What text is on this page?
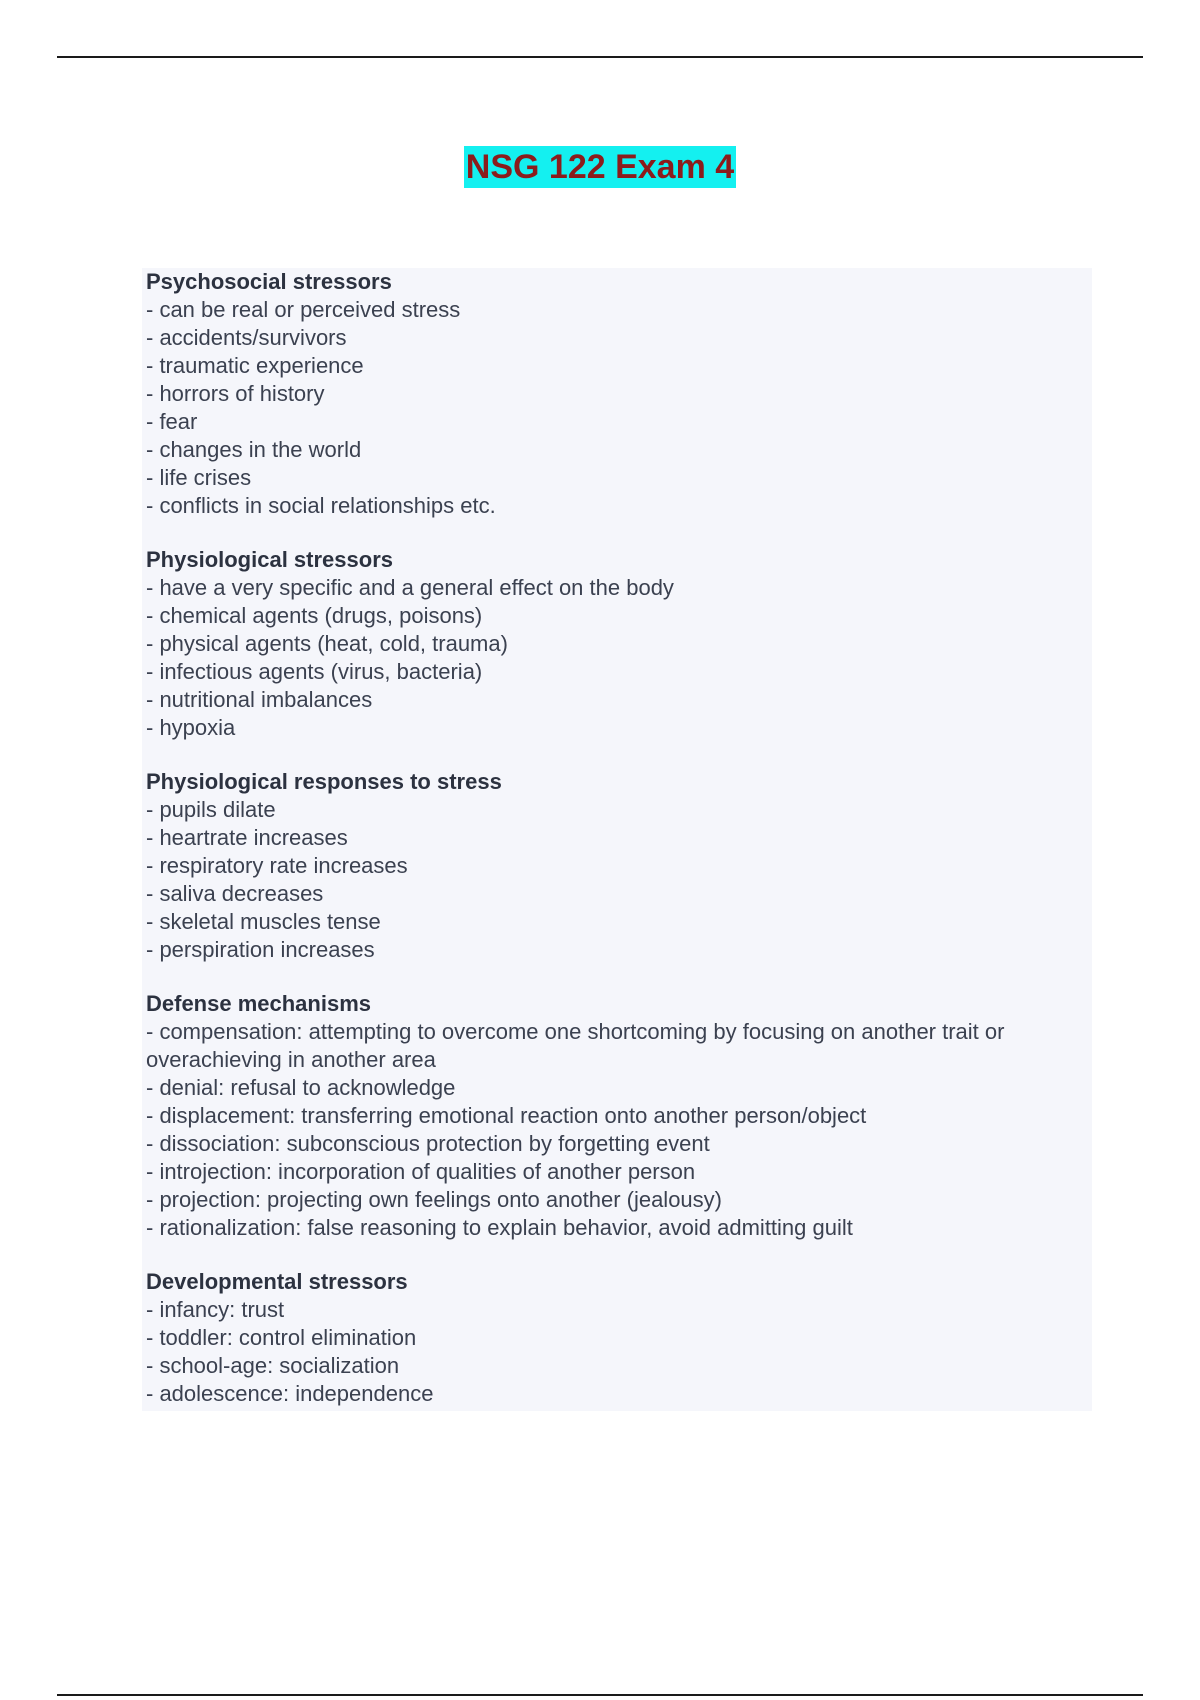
NSG 122 Exam 4

Psychosocial stressors

- can be real or perceived stress

- accidents/survivors

- traumatic experience

- horrors of history

- fear

- changes in the world

- life crises

- conflicts in social relationships etc.

Physiological stressors

- have a very specific and a general effect on the body

- chemical agents (drugs, poisons)

- physical agents (heat, cold, trauma)

- infectious agents (virus, bacteria)

- nutritional imbalances

- hypoxia

Physiological responses to stress

- pupils dilate

- heartrate increases

- respiratory rate increases

- saliva decreases

- skeletal muscles tense

- perspiration increases

Defense mechanisms

- compensation: attempting to overcome one shortcoming by focusing on another trait or overachieving in another area

- denial: refusal to acknowledge

- displacement: transferring emotional reaction onto another person/object

- dissociation: subconscious protection by forgetting event

- introjection: incorporation of qualities of another person

- projection: projecting own feelings onto another (jealousy)

- rationalization: false reasoning to explain behavior, avoid admitting guilt

Developmental stressors

- infancy: trust

- toddler: control elimination

- school-age: socialization

- adolescence: independence
